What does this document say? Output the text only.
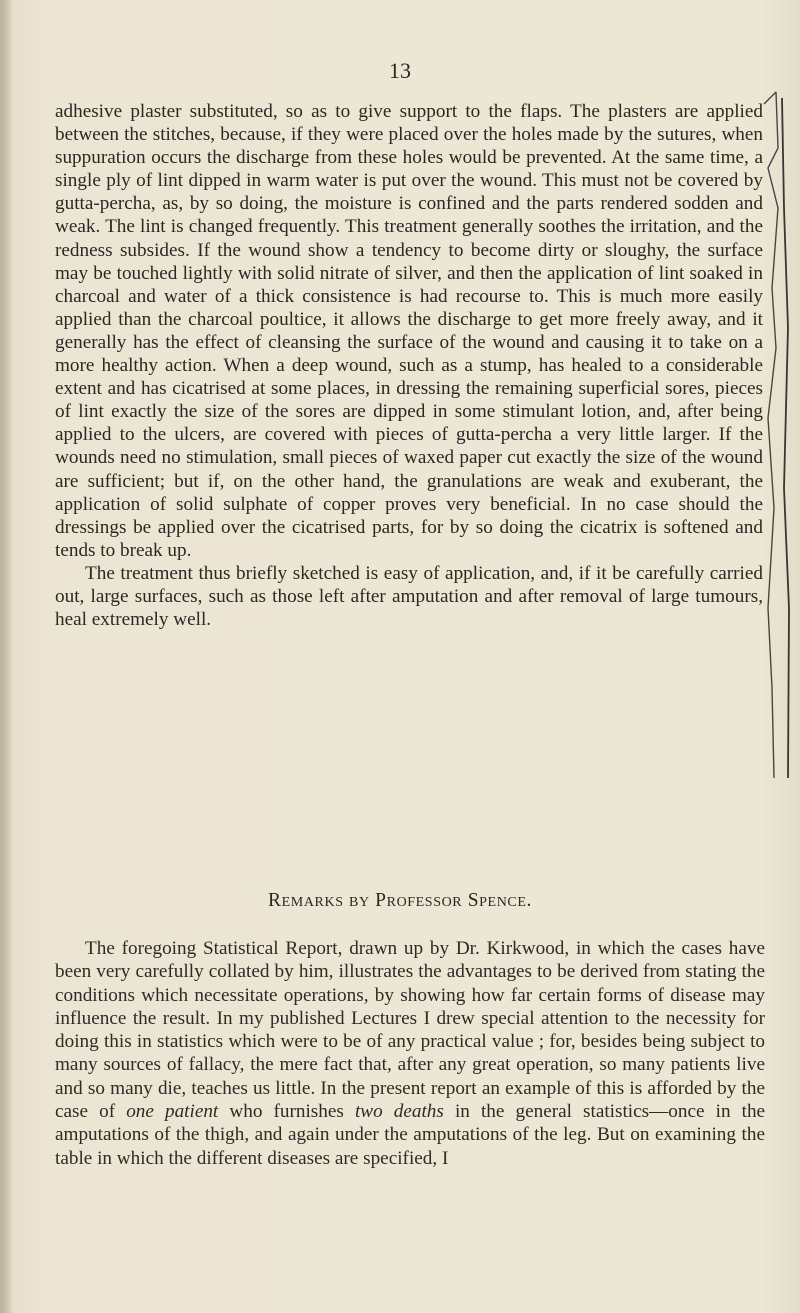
13

adhesive plaster substituted, so as to give support to the flaps. The plasters are applied between the stitches, because, if they were placed over the holes made by the sutures, when suppuration occurs the discharge from these holes would be prevented. At the same time, a single ply of lint dipped in warm water is put over the wound. This must not be covered by gutta-percha, as, by so doing, the moisture is confined and the parts rendered sodden and weak. The lint is changed frequently. This treatment generally soothes the irritation, and the redness subsides. If the wound show a tendency to become dirty or sloughy, the surface may be touched lightly with solid nitrate of silver, and then the application of lint soaked in charcoal and water of a thick consistence is had recourse to. This is much more easily applied than the charcoal poultice, it allows the discharge to get more freely away, and it generally has the effect of cleansing the surface of the wound and causing it to take on a more healthy action. When a deep wound, such as a stump, has healed to a considerable extent and has cicatrised at some places, in dressing the remaining superficial sores, pieces of lint exactly the size of the sores are dipped in some stimulant lotion, and, after being applied to the ulcers, are covered with pieces of gutta-percha a very little larger. If the wounds need no stimulation, small pieces of waxed paper cut exactly the size of the wound are sufficient; but if, on the other hand, the granulations are weak and exuberant, the application of solid sulphate of copper proves very beneficial. In no case should the dressings be applied over the cicatrised parts, for by so doing the cicatrix is softened and tends to break up.

The treatment thus briefly sketched is easy of application, and, if it be carefully carried out, large surfaces, such as those left after amputation and after removal of large tumours, heal extremely well.

Remarks by Professor Spence.

The foregoing Statistical Report, drawn up by Dr. Kirkwood, in which the cases have been very carefully collated by him, illustrates the advantages to be derived from stating the conditions which necessitate operations, by showing how far certain forms of disease may influence the result. In my published Lectures I drew special attention to the necessity for doing this in statistics which were to be of any practical value ; for, besides being subject to many sources of fallacy, the mere fact that, after any great operation, so many patients live and so many die, teaches us little. In the present report an example of this is afforded by the case of one patient who furnishes two deaths in the general statistics—once in the amputations of the thigh, and again under the amputations of the leg. But on examining the table in which the different diseases are specified, I
